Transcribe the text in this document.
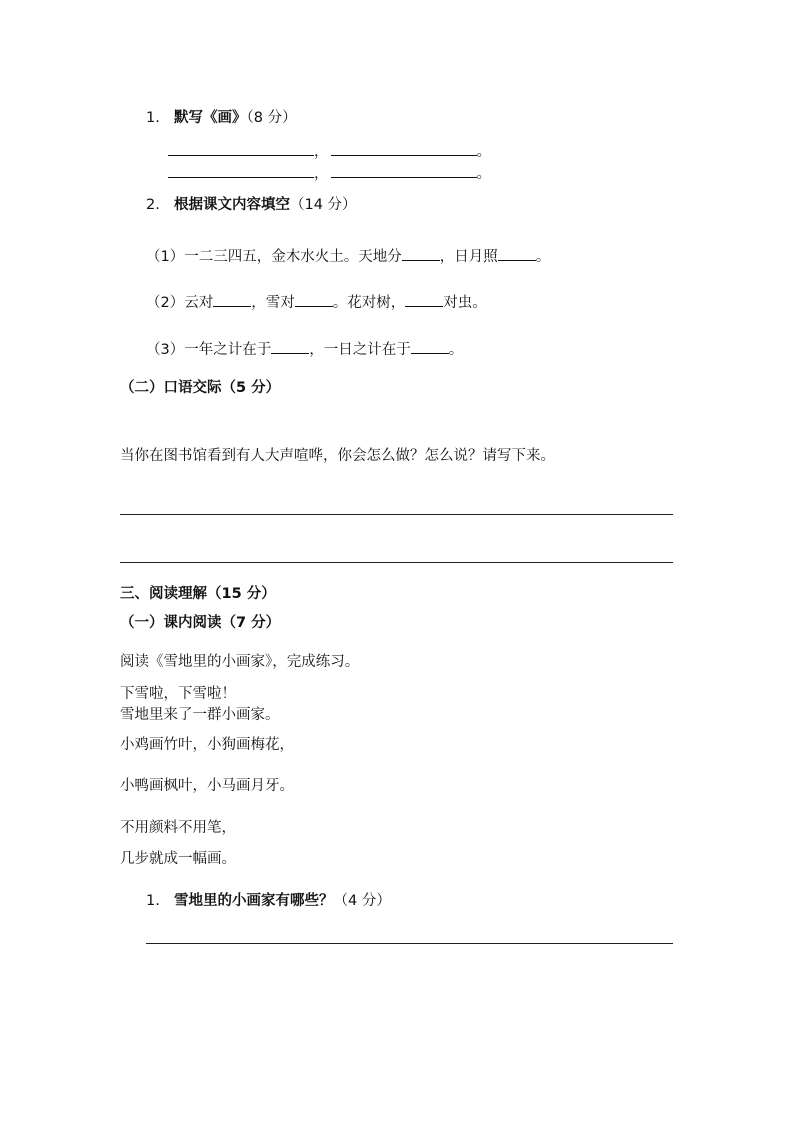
1. 默写《画》（8 分）
，	。
，	。
2. 根据课文内容填空（14 分）
（1）一二三四五，金木水火土。天地分	，日月照	。
（2）云对	，雪对	。花对树，	对虫。
（3）一年之计在于	，一日之计在于	。
（二）口语交际（5 分）
当你在图书馆看到有人大声喧哗，你会怎么做？怎么说？请写下来。
三、阅读理解（15 分）
（一）课内阅读（7 分）
阅读《雪地里的小画家》，完成练习。
下雪啦，下雪啦！
雪地里来了一群小画家。
小鸡画竹叶，小狗画梅花，
小鸭画枫叶，小马画月牙。
不用颜料不用笔，
几步就成一幅画。
1. 雪地里的小画家有哪些？（4 分）
